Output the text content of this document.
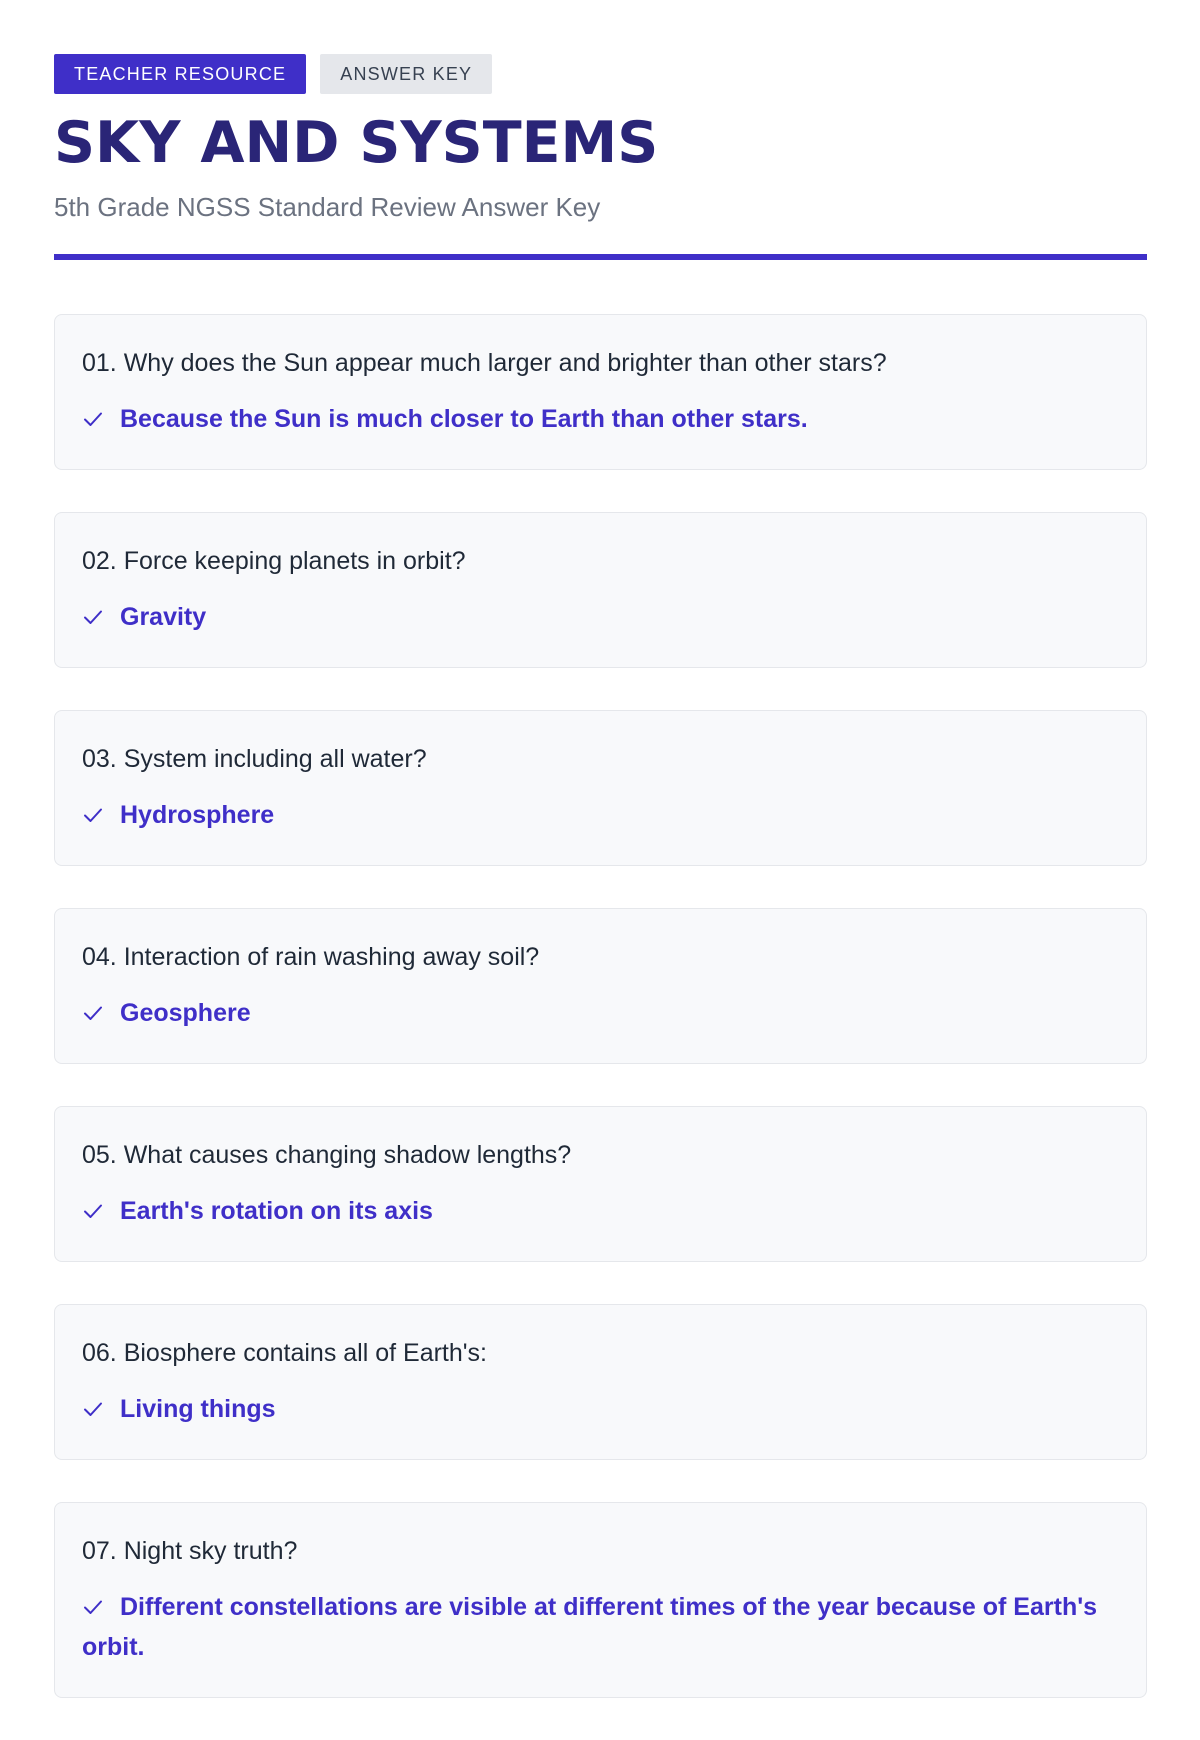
TEACHER RESOURCE	ANSWER KEY
SKY AND SYSTEMS
5th Grade NGSS Standard Review Answer Key
01. Why does the Sun appear much larger and brighter than other stars?
Because the Sun is much closer to Earth than other stars.
02. Force keeping planets in orbit?
Gravity
03. System including all water?
Hydrosphere
04. Interaction of rain washing away soil?
Geosphere
05. What causes changing shadow lengths?
Earth's rotation on its axis
06. Biosphere contains all of Earth's:
Living things
07. Night sky truth?
Different constellations are visible at different times of the year because of Earth's orbit.
